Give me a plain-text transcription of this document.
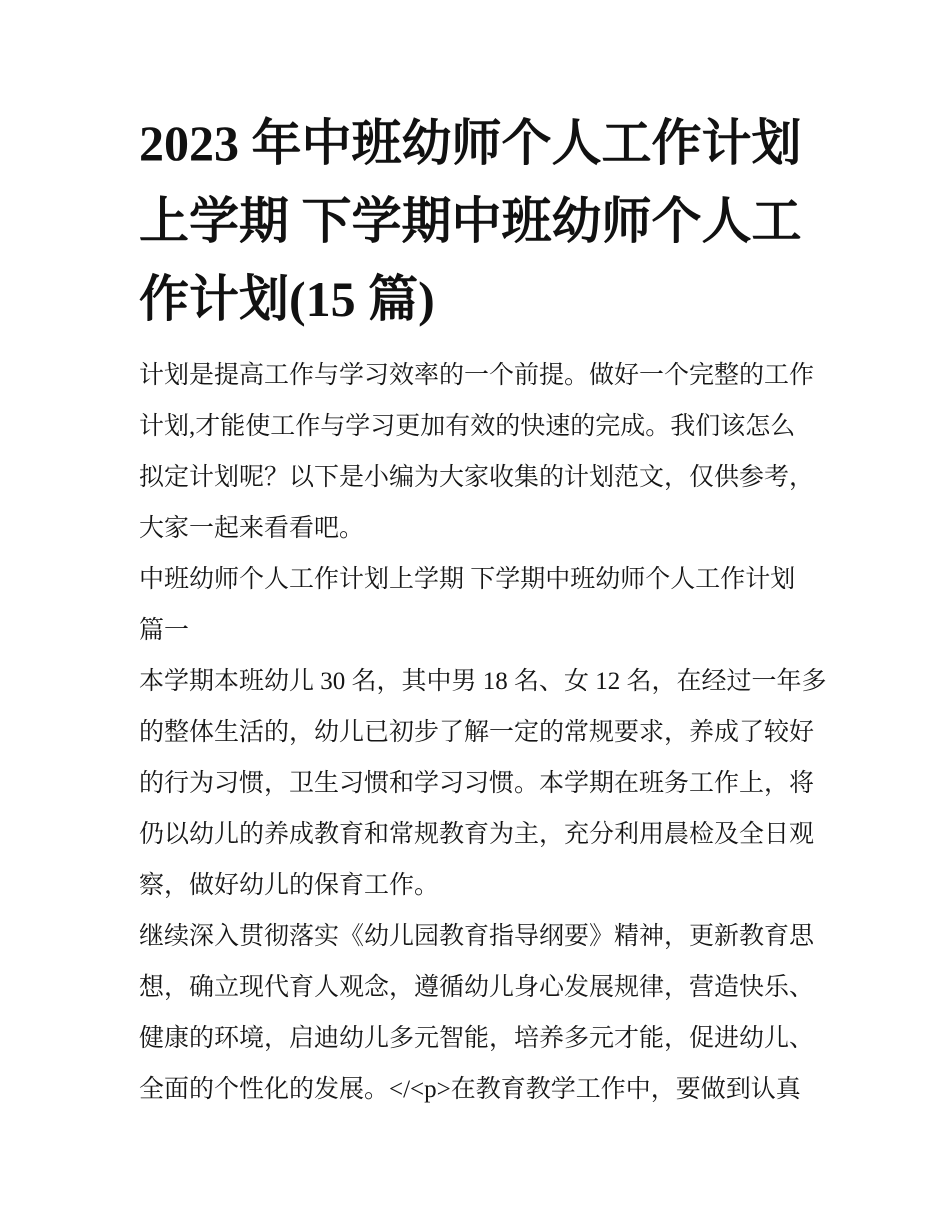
2023 年中班幼师个人工作计划
上学期 下学期中班幼师个人工
作计划(15 篇)
计划是提高工作与学习效率的一个前提。做好一个完整的工作
计划,才能使工作与学习更加有效的快速的完成。我们该怎么
拟定计划呢？以下是小编为大家收集的计划范文，仅供参考，
大家一起来看看吧。
中班幼师个人工作计划上学期 下学期中班幼师个人工作计划
篇一
本学期本班幼儿 30 名，其中男 18 名、女 12 名，在经过一年多
的整体生活的，幼儿已初步了解一定的常规要求，养成了较好
的行为习惯，卫生习惯和学习习惯。本学期在班务工作上，将
仍以幼儿的养成教育和常规教育为主，充分利用晨检及全日观
察，做好幼儿的保育工作。
继续深入贯彻落实《幼儿园教育指导纲要》精神，更新教育思
想，确立现代育人观念，遵循幼儿身心发展规律，营造快乐、
健康的环境，启迪幼儿多元智能，培养多元才能，促进幼儿、
全面的个性化的发展。</<p>在教育教学工作中，要做到认真
